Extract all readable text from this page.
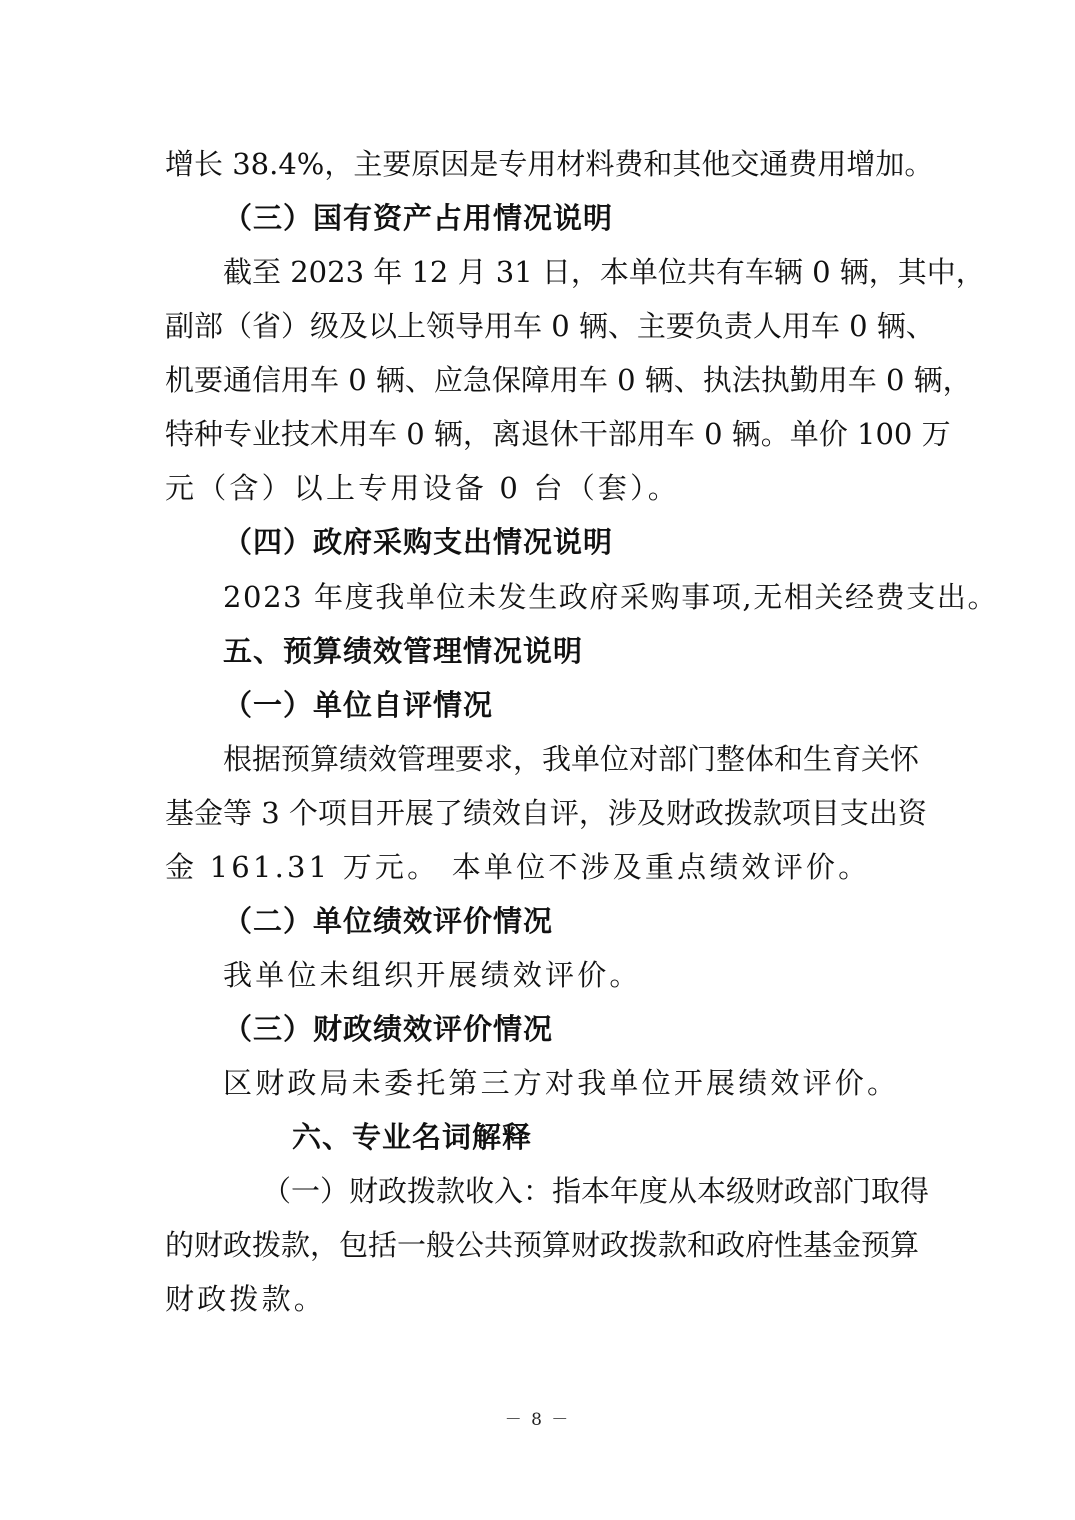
增长 38.4%，主要原因是专用材料费和其他交通费用增加。
（三）国有资产占用情况说明
截至 2023 年 12 月 31 日，本单位共有车辆 0 辆，其中，
副部（省）级及以上领导用车 0 辆、主要负责人用车 0 辆、
机要通信用车 0 辆、应急保障用车 0 辆、执法执勤用车 0 辆，
特种专业技术用车 0 辆，离退休干部用车 0 辆。单价 100 万
元（含）以上专用设备 0 台（套）。
（四）政府采购支出情况说明
2023 年度我单位未发生政府采购事项,无相关经费支出。
五、预算绩效管理情况说明
（一）单位自评情况
根据预算绩效管理要求，我单位对部门整体和生育关怀
基金等 3 个项目开展了绩效自评，涉及财政拨款项目支出资
金 161.31 万元。 本单位不涉及重点绩效评价。
（二）单位绩效评价情况
我单位未组织开展绩效评价。
（三）财政绩效评价情况
区财政局未委托第三方对我单位开展绩效评价。
六、专业名词解释
（一）财政拨款收入：指本年度从本级财政部门取得
的财政拨款，包括一般公共预算财政拨款和政府性基金预算
财政拨款。
－ 8 －
